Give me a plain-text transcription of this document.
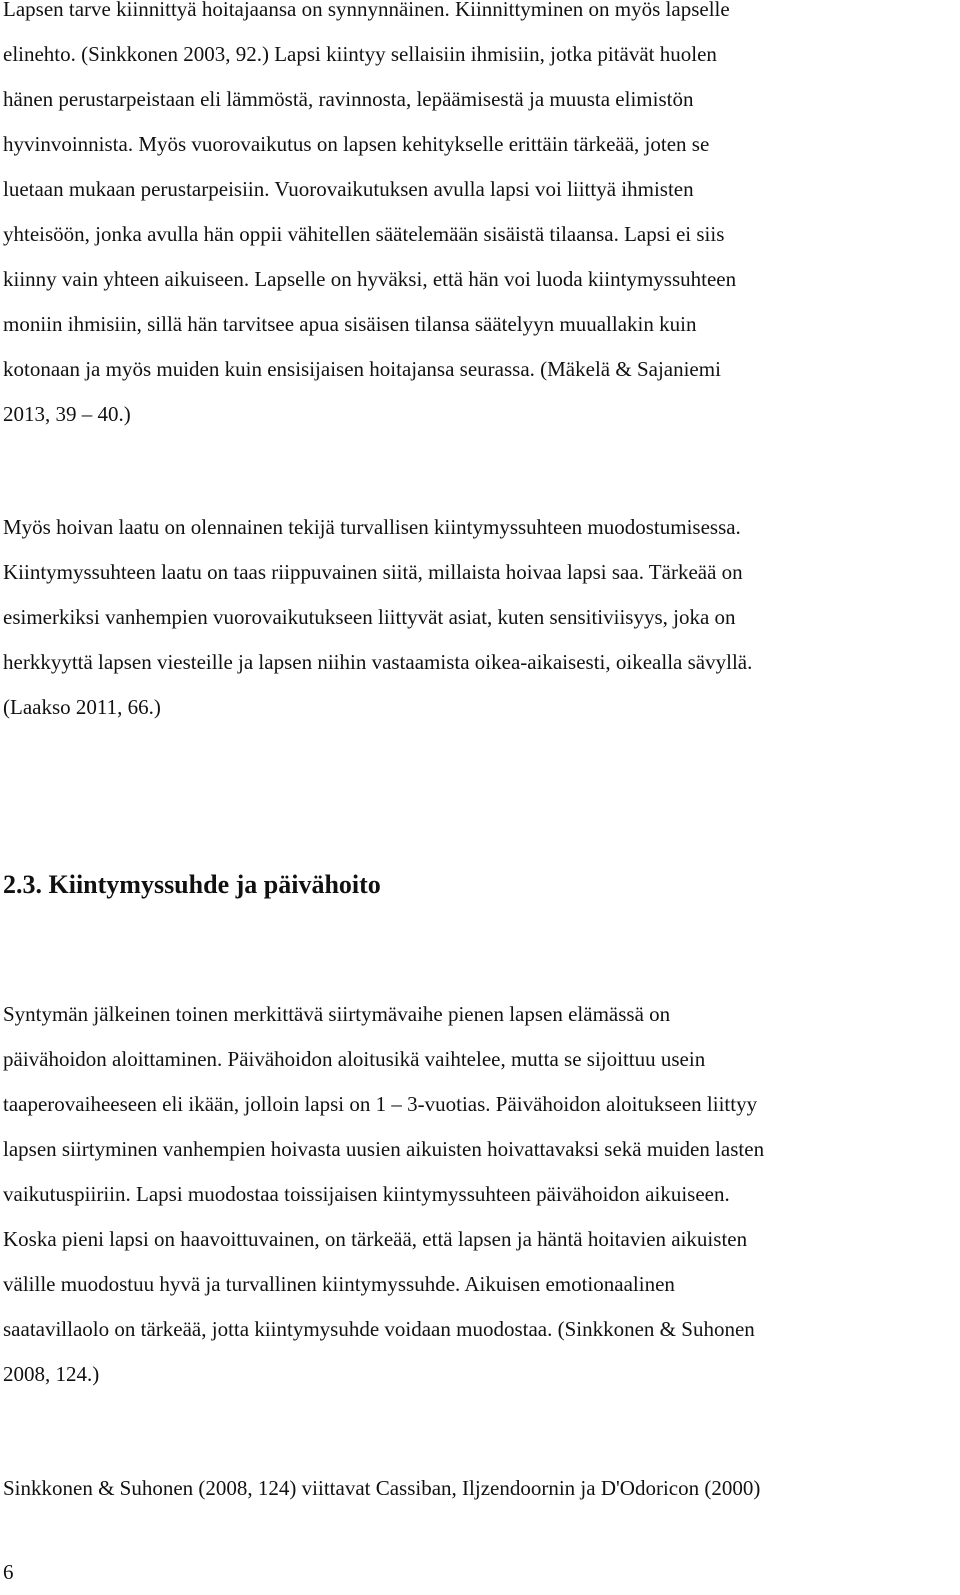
Lapsen tarve kiinnittyä hoitajaansa on synnynnäinen. Kiinnittyminen on myös lapselle
elinehto. (Sinkkonen 2003, 92.) Lapsi kiintyy sellaisiin ihmisiin, jotka pitävät huolen
hänen perustarpeistaan eli lämmöstä, ravinnosta, lepäämisestä ja muusta elimistön
hyvinvoinnista. Myös vuorovaikutus on lapsen kehitykselle erittäin tärkeää, joten se
luetaan mukaan perustarpeisiin. Vuorovaikutuksen avulla lapsi voi liittyä ihmisten
yhteisöön, jonka avulla hän oppii vähitellen säätelemään sisäistä tilaansa. Lapsi ei siis
kiinny vain yhteen aikuiseen. Lapselle on hyväksi, että hän voi luoda kiintymyssuhteen
moniin ihmisiin, sillä hän tarvitsee apua sisäisen tilansa säätelyyn muuallakin kuin
kotonaan ja myös muiden kuin ensisijaisen hoitajansa seurassa. (Mäkelä & Sajaniemi
2013, 39 – 40.)

Myös hoivan laatu on olennainen tekijä turvallisen kiintymyssuhteen muodostumisessa.
Kiintymyssuhteen laatu on taas riippuvainen siitä, millaista hoivaa lapsi saa. Tärkeää on
esimerkiksi vanhempien vuorovaikutukseen liittyvät asiat, kuten sensitiviisyys, joka on
herkkyyttä lapsen viesteille ja lapsen niihin vastaamista oikea-aikaisesti, oikealla sävyllä.
(Laakso 2011, 66.)

2.3. Kiintymyssuhde ja päivähoito

Syntymän jälkeinen toinen merkittävä siirtymävaihe pienen lapsen elämässä on
päivähoidon aloittaminen. Päivähoidon aloitusikä vaihtelee, mutta se sijoittuu usein
taaperovaiheeseen eli ikään, jolloin lapsi on 1 – 3-vuotias. Päivähoidon aloitukseen liittyy
lapsen siirtyminen vanhempien hoivasta uusien aikuisten hoivattavaksi sekä muiden lasten
vaikutuspiiriin. Lapsi muodostaa toissijaisen kiintymyssuhteen päivähoidon aikuiseen.
Koska pieni lapsi on haavoittuvainen, on tärkeää, että lapsen ja häntä hoitavien aikuisten
välille muodostuu hyvä ja turvallinen kiintymyssuhde. Aikuisen emotionaalinen
saatavillaolo on tärkeää, jotta kiintymysuhde voidaan muodostaa. (Sinkkonen & Suhonen
2008, 124.)

Sinkkonen & Suhonen (2008, 124) viittavat Cassiban, Iljzendoornin ja D'Odoricon (2000)

6
